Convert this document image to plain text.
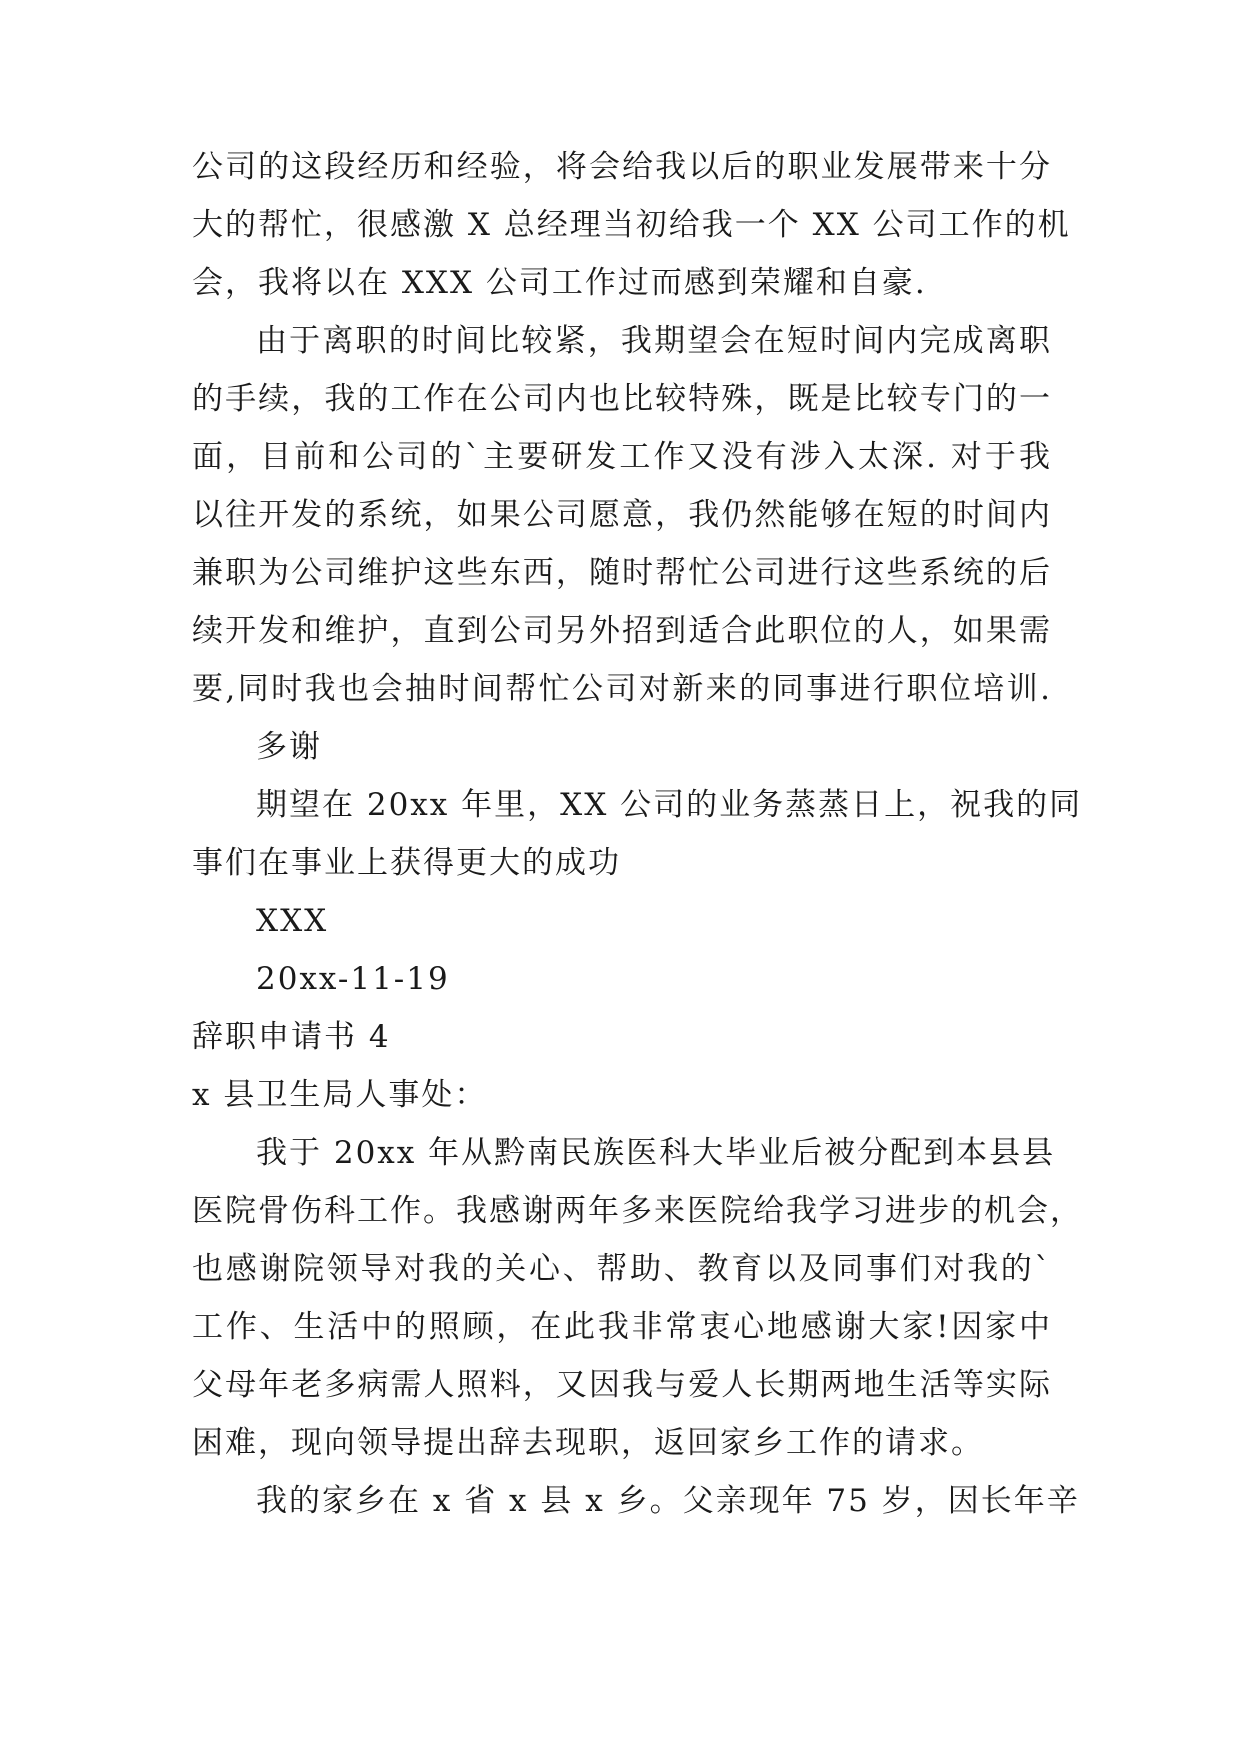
公司的这段经历和经验，将会给我以后的职业发展带来十分
大的帮忙，很感激 X 总经理当初给我一个 XX 公司工作的机
会，我将以在 XXX 公司工作过而感到荣耀和自豪.
由于离职的时间比较紧，我期望会在短时间内完成离职
的手续，我的工作在公司内也比较特殊，既是比较专门的一
面，目前和公司的`主要研发工作又没有涉入太深. 对于我
以往开发的系统，如果公司愿意，我仍然能够在短的时间内
兼职为公司维护这些东西，随时帮忙公司进行这些系统的后
续开发和维护，直到公司另外招到适合此职位的人，如果需
要,同时我也会抽时间帮忙公司对新来的同事进行职位培训.
多谢
期望在 20xx 年里，XX 公司的业务蒸蒸日上，祝我的同
事们在事业上获得更大的成功
XXX
20xx-11-19
辞职申请书 4
x 县卫生局人事处：
我于 20xx 年从黔南民族医科大毕业后被分配到本县县
医院骨伤科工作。我感谢两年多来医院给我学习进步的机会，
也感谢院领导对我的关心、帮助、教育以及同事们对我的`
工作、生活中的照顾，在此我非常衷心地感谢大家!因家中
父母年老多病需人照料，又因我与爱人长期两地生活等实际
困难，现向领导提出辞去现职，返回家乡工作的请求。
我的家乡在 x 省 x 县 x 乡。父亲现年 75 岁，因长年辛
